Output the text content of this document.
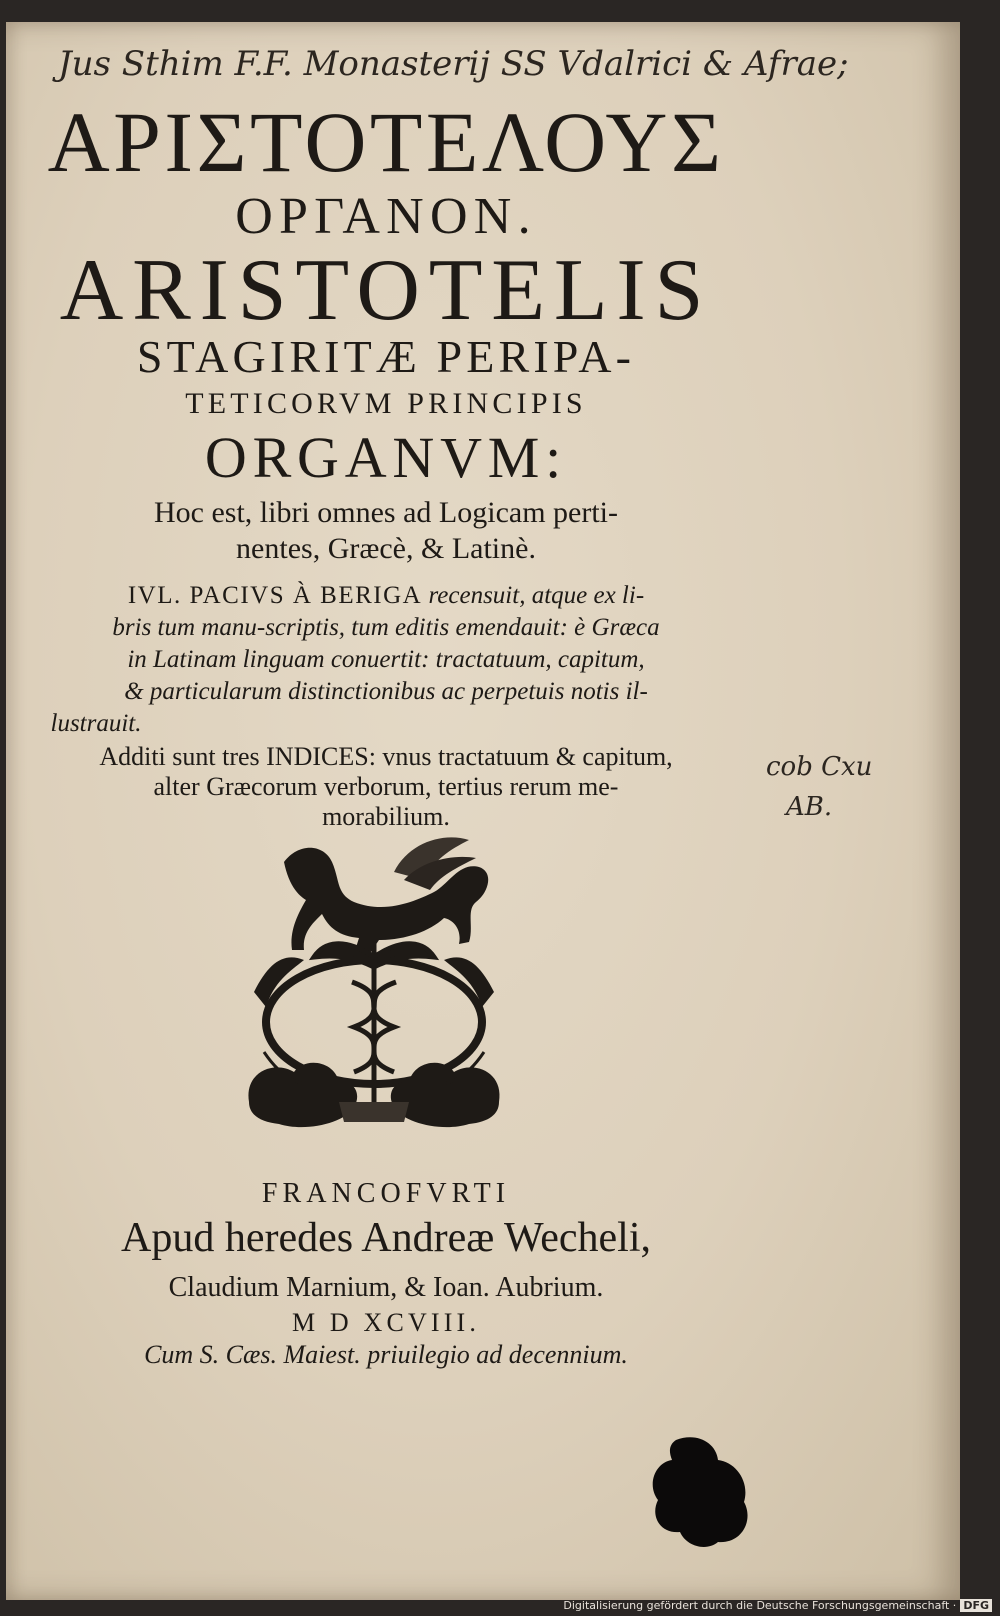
Jus Sthim F.F. Monasterij SS Vdalrici & Afrae;
ΑΡΙΣΤΟΤΕΛΟΥΣ
ΟΡΓΑΝΟΝ.
ARISTOTELIS
STAGIRITÆ PERIPA-
TETICORVM PRINCIPIS
ORGANVM:
Hoc est, libri omnes ad Logicam perti-
nentes, Græcè, & Latinè.
IVL. PACIVS À BERIGA recensuit, atque ex li-
bris tum manu-scriptis, tum editis emendauit: è Græca
in Latinam linguam conuertit: tractatuum, capitum,
& particularum distinctionibus ac perpetuis notis il-
lustrauit.
Additi sunt tres INDICES: vnus tractatuum & capitum,
alter Græcorum verborum, tertius rerum me-
morabilium.
cob Cxu
AB.
FRANCOFVRTI
Apud heredes Andreæ Wecheli,
Claudium Marnium, & Ioan. Aubrium.
M D XCVIII.
Cum S. Cæs. Maiest. priuilegio ad decennium.
Digitalisierung gefördert durch die Deutsche Forschungsgemeinschaft · DFG
